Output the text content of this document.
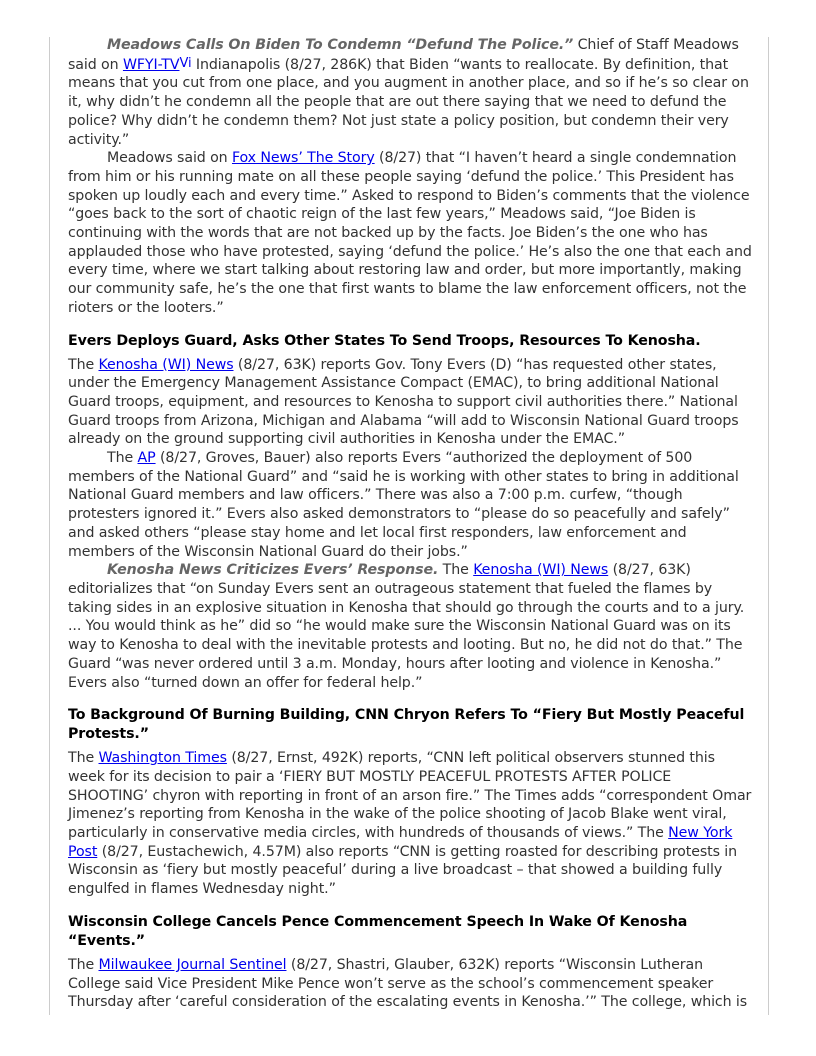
Meadows Calls On Biden To Condemn “Defund The Police.” Chief of Staff Meadows said on WFYI-$TV^{Vi}$ Indianapolis (8/27, 286K) that Biden “wants to reallocate. By definition, that means that you cut from one place, and you augment in another place, and so if he’s so clear on it, why didn’t he condemn all the people that are out there saying that we need to defund the police? Why didn’t he condemn them? Not just state a policy position, but condemn their very activity.”

Meadows said on Fox News’ The Story (8/27) that “I haven’t heard a single condemnation from him or his running mate on all these people saying ‘defund the police.’ This President has spoken up loudly each and every time.” Asked to respond to Biden’s comments that the violence “goes back to the sort of chaotic reign of the last few years,” Meadows said, “Joe Biden is continuing with the words that are not backed up by the facts. Joe Biden’s the one who has applauded those who have protested, saying ‘defund the police.’ He’s also the one that each and every time, where we start talking about restoring law and order, but more importantly, making our community safe, he’s the one that first wants to blame the law enforcement officers, not the rioters or the looters.”

Evers Deploys Guard, Asks Other States To Send Troops, Resources To Kenosha.

The Kenosha (WI) News (8/27, 63K) reports Gov. Tony Evers (D) “has requested other states, under the Emergency Management Assistance Compact (EMAC), to bring additional National Guard troops, equipment, and resources to Kenosha to support civil authorities there.” National Guard troops from Arizona, Michigan and Alabama “will add to Wisconsin National Guard troops already on the ground supporting civil authorities in Kenosha under the EMAC.”

The AP (8/27, Groves, Bauer) also reports Evers “authorized the deployment of 500 members of the National Guard” and “said he is working with other states to bring in additional National Guard members and law officers.” There was also a 7:00 p.m. curfew, “though protesters ignored it.” Evers also asked demonstrators to “please do so peacefully and safely” and asked others “please stay home and let local first responders, law enforcement and members of the Wisconsin National Guard do their jobs.”

Kenosha News Criticizes Evers’ Response. The Kenosha (WI) News (8/27, 63K) editorializes that “on Sunday Evers sent an outrageous statement that fueled the flames by taking sides in an explosive situation in Kenosha that should go through the courts and to a jury. ... You would think as he” did so “he would make sure the Wisconsin National Guard was on its way to Kenosha to deal with the inevitable protests and looting. But no, he did not do that.” The Guard “was never ordered until 3 a.m. Monday, hours after looting and violence in Kenosha.” Evers also “turned down an offer for federal help.”

To Background Of Burning Building, CNN Chryon Refers To “Fiery But Mostly Peaceful Protests.”

The Washington Times (8/27, Ernst, 492K) reports, “CNN left political observers stunned this week for its decision to pair a ‘FIERY BUT MOSTLY PEACEFUL PROTESTS AFTER POLICE SHOOTING’ chyron with reporting in front of an arson fire.” The Times adds “correspondent Omar Jimenez’s reporting from Kenosha in the wake of the police shooting of Jacob Blake went viral, particularly in conservative media circles, with hundreds of thousands of views.” The New York Post (8/27, Eustachewich, 4.57M) also reports “CNN is getting roasted for describing protests in Wisconsin as ‘fiery but mostly peaceful’ during a live broadcast – that showed a building fully engulfed in flames Wednesday night.”

Wisconsin College Cancels Pence Commencement Speech In Wake Of Kenosha “Events.”

The Milwaukee Journal Sentinel (8/27, Shastri, Glauber, 632K) reports “Wisconsin Lutheran College said Vice President Mike Pence won’t serve as the school’s commencement speaker Thursday after ‘careful consideration of the escalating events in Kenosha.’” The college, which is
